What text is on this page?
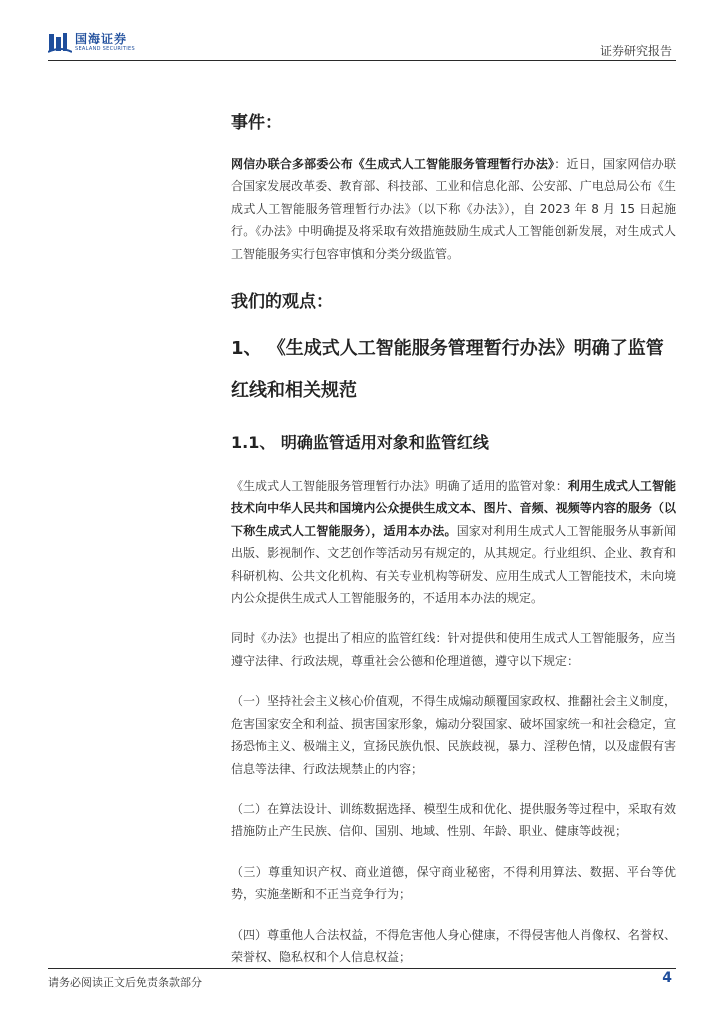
国海证券
SEALAND SECURITIES	证券研究报告
事件：

网信办联合多部委公布《生成式人工智能服务管理暂行办法》：近日，国家网信办联合国家发展改革委、教育部、科技部、工业和信息化部、公安部、广电总局公布《生成式人工智能服务管理暂行办法》（以下称《办法》），自 2023 年 8 月 15 日起施行。《办法》中明确提及将采取有效措施鼓励生成式人工智能创新发展，对生成式人工智能服务实行包容审慎和分类分级监管。

我们的观点：
1、 《生成式人工智能服务管理暂行办法》明确了监管红线和相关规范
1.1、 明确监管适用对象和监管红线

《生成式人工智能服务管理暂行办法》明确了适用的监管对象：利用生成式人工智能技术向中华人民共和国境内公众提供生成文本、图片、音频、视频等内容的服务（以下称生成式人工智能服务），适用本办法。国家对利用生成式人工智能服务从事新闻出版、影视制作、文艺创作等活动另有规定的，从其规定。行业组织、企业、教育和科研机构、公共文化机构、有关专业机构等研发、应用生成式人工智能技术，未向境内公众提供生成式人工智能服务的，不适用本办法的规定。

同时《办法》也提出了相应的监管红线：针对提供和使用生成式人工智能服务，应当遵守法律、行政法规，尊重社会公德和伦理道德，遵守以下规定：

（一）坚持社会主义核心价值观，不得生成煽动颠覆国家政权、推翻社会主义制度，危害国家安全和利益、损害国家形象，煽动分裂国家、破坏国家统一和社会稳定，宣扬恐怖主义、极端主义，宣扬民族仇恨、民族歧视，暴力、淫秽色情，以及虚假有害信息等法律、行政法规禁止的内容；

（二）在算法设计、训练数据选择、模型生成和优化、提供服务等过程中，采取有效措施防止产生民族、信仰、国别、地域、性别、年龄、职业、健康等歧视；

（三）尊重知识产权、商业道德，保守商业秘密，不得利用算法、数据、平台等优势，实施垄断和不正当竞争行为；

（四）尊重他人合法权益，不得危害他人身心健康，不得侵害他人肖像权、名誉权、荣誉权、隐私权和个人信息权益；

请务必阅读正文后免责条款部分	4
